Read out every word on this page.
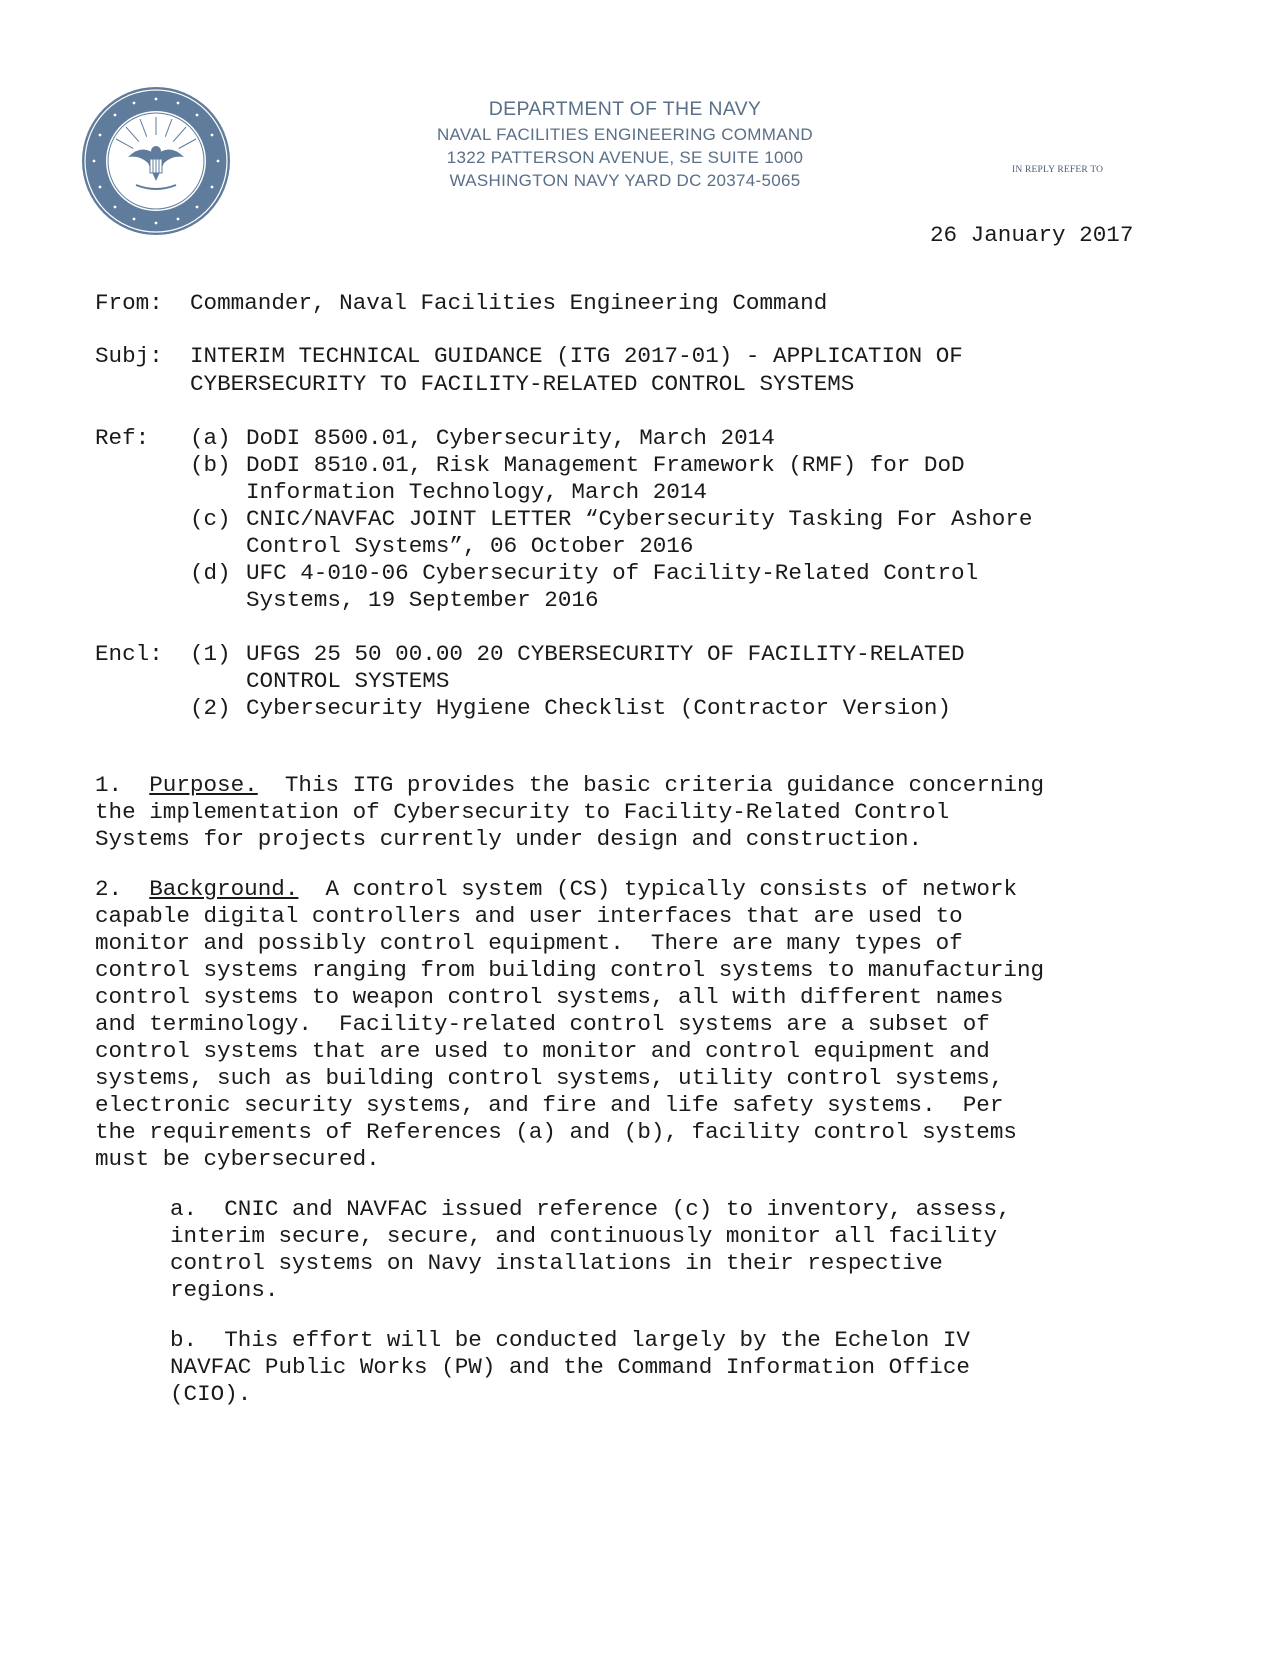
DEPARTMENT OF THE NAVY
NAVAL FACILITIES ENGINEERING COMMAND
1322 PATTERSON AVENUE, SE SUITE 1000
WASHINGTON NAVY YARD DC 20374-5065
IN REPLY REFER TO
26 January 2017
From: Commander, Naval Facilities Engineering Command
Subj: INTERIM TECHNICAL GUIDANCE (ITG 2017-01) - APPLICATION OF
CYBERSECURITY TO FACILITY-RELATED CONTROL SYSTEMS
Ref: (a) DoDI 8500.01, Cybersecurity, March 2014
(b) DoDI 8510.01, Risk Management Framework (RMF) for DoD
Information Technology, March 2014
(c) CNIC/NAVFAC JOINT LETTER “Cybersecurity Tasking For Ashore
Control Systems”, 06 October 2016
(d) UFC 4-010-06 Cybersecurity of Facility-Related Control
Systems, 19 September 2016
Encl: (1) UFGS 25 50 00.00 20 CYBERSECURITY OF FACILITY-RELATED
CONTROL SYSTEMS
(2) Cybersecurity Hygiene Checklist (Contractor Version)
1. Purpose. This ITG provides the basic criteria guidance concerning
the implementation of Cybersecurity to Facility-Related Control
Systems for projects currently under design and construction.
2. Background. A control system (CS) typically consists of network
capable digital controllers and user interfaces that are used to
monitor and possibly control equipment.  There are many types of
control systems ranging from building control systems to manufacturing
control systems to weapon control systems, all with different names
and terminology.  Facility-related control systems are a subset of
control systems that are used to monitor and control equipment and
systems, such as building control systems, utility control systems,
electronic security systems, and fire and life safety systems.  Per
the requirements of References (a) and (b), facility control systems
must be cybersecured.
a.  CNIC and NAVFAC issued reference (c) to inventory, assess,
interim secure, secure, and continuously monitor all facility
control systems on Navy installations in their respective
regions.
b.  This effort will be conducted largely by the Echelon IV
NAVFAC Public Works (PW) and the Command Information Office
(CIO).
